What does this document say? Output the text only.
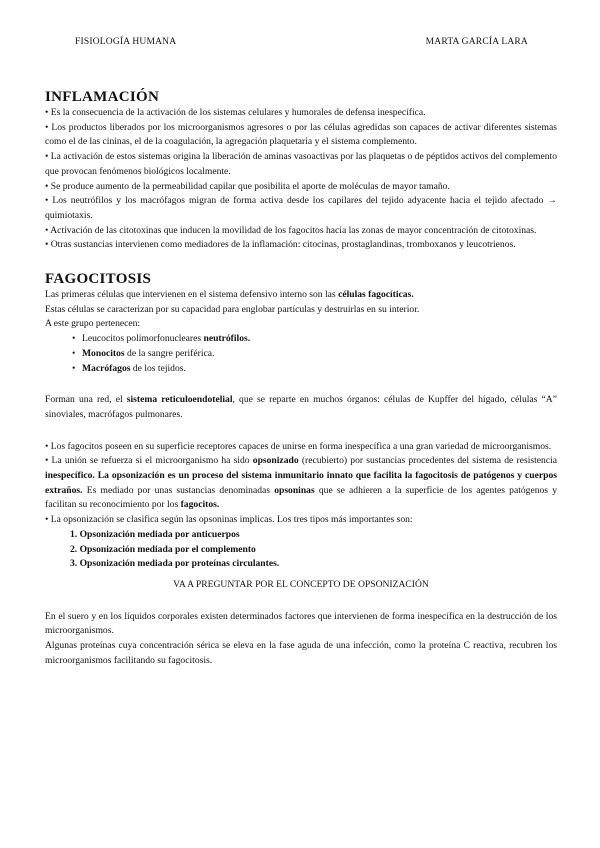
FISIOLOGÍA HUMANA	MARTA GARCÍA LARA
INFLAMACIÓN

• Es la consecuencia de la activación de los sistemas celulares y humorales de defensa inespecífica.

• Los productos liberados por los microorganismos agresores o por las células agredidas son capaces de activar diferentes sistemas como el de las cininas, el de la coagulación, la agregación plaquetaria y el sistema complemento.

• La activación de estos sistemas origina la liberación de aminas vasoactivas por las plaquetas o de péptidos activos del complemento que provocan fenómenos biológicos localmente.

• Se produce aumento de la permeabilidad capilar que posibilita el aporte de moléculas de mayor tamaño.

• Los neutrófilos y los macrófagos migran de forma activa desde los capilares del tejido adyacente hacia el tejido afectado → quimiotaxis.

• Activación de las citotoxinas que inducen la movilidad de los fagocitos hacia las zonas de mayor concentración de citotoxinas.

• Otras sustancias intervienen como mediadores de la inflamación: citocinas, prostaglandinas, tromboxanos y leucotrienos.

FAGOCITOSIS

Las primeras células que intervienen en el sistema defensivo interno son las células fagocíticas.

Estas células se caracterizan por su capacidad para englobar partículas y destruirlas en su interior.

A este grupo pertenecen:

• Leucocitos polimorfonucleares neutrófilos.
• Monocitos de la sangre periférica.
• Macrófagos de los tejidos.

Forman una red, el sistema reticuloendotelial, que se reparte en muchos órganos: células de Kupffer del hígado, células “A” sinoviales, macrófagos pulmonares.

• Los fagocitos poseen en su superficie receptores capaces de unirse en forma inespecífica a una gran variedad de microorganismos.

• La unión se refuerza si el microorganismo ha sido opsonizado (recubierto) por sustancias procedentes del sistema de resistencia inespecífico. La opsonización es un proceso del sistema inmunitario innato que facilita la fagocitosis de patógenos y cuerpos extraños. Es mediado por unas sustancias denominadas opsoninas que se adhieren a la superficie de los agentes patógenos y facilitan su reconocimiento por los fagocitos.

• La opsonización se clasifica según las opsoninas implicas. Los tres tipos más importantes son:

1. Opsonización mediada por anticuerpos
2. Opsonización mediada por el complemento
3. Opsonización mediada por proteínas circulantes.

VA A PREGUNTAR POR EL CONCEPTO DE OPSONIZACIÓN

En el suero y en los líquidos corporales existen determinados factores que intervienen de forma inespecífica en la destrucción de los microorganismos.

Algunas proteínas cuya concentración sérica se eleva en la fase aguda de una infección, como la proteína C reactiva, recubren los microorganismos facilitando su fagocitosis.
